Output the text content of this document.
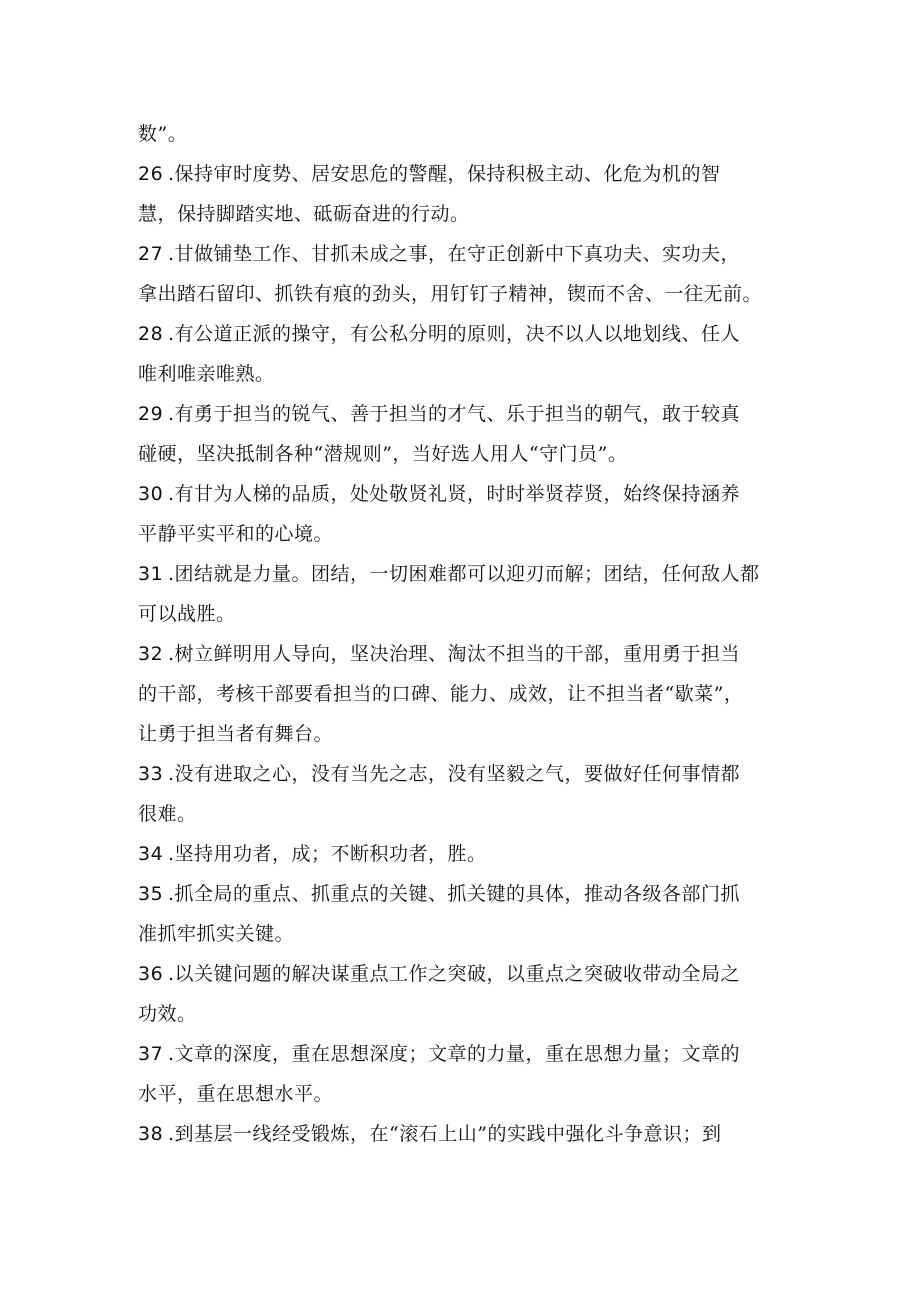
数”。
26 .保持审时度势、居安思危的警醒，保持积极主动、化危为机的智
慧，保持脚踏实地、砥砺奋进的行动。
27 .甘做铺垫工作、甘抓未成之事，在守正创新中下真功夫、实功夫，
拿出踏石留印、抓铁有痕的劲头，用钉钉子精神，锲而不舍、一往无前。
28 .有公道正派的操守，有公私分明的原则，决不以人以地划线、任人
唯利唯亲唯熟。
29 .有勇于担当的锐气、善于担当的才气、乐于担当的朝气，敢于较真
碰硬，坚决抵制各种“潜规则”，当好选人用人“守门员”。
30 .有甘为人梯的品质，处处敬贤礼贤，时时举贤荐贤，始终保持涵养
平静平实平和的心境。
31 .团结就是力量。团结，一切困难都可以迎刃而解；团结，任何敌人都
可以战胜。
32 .树立鲜明用人导向，坚决治理、淘汰不担当的干部，重用勇于担当
的干部，考核干部要看担当的口碑、能力、成效，让不担当者“歇菜”，
让勇于担当者有舞台。
33 .没有进取之心，没有当先之志，没有坚毅之气，要做好任何事情都
很难。
34 .坚持用功者，成；不断积功者，胜。
35 .抓全局的重点、抓重点的关键、抓关键的具体，推动各级各部门抓
准抓牢抓实关键。
36 .以关键问题的解决谋重点工作之突破，以重点之突破收带动全局之
功效。
37 .文章的深度，重在思想深度；文章的力量，重在思想力量；文章的
水平，重在思想水平。
38 .到基层一线经受锻炼，在“滚石上山”的实践中强化斗争意识；到
